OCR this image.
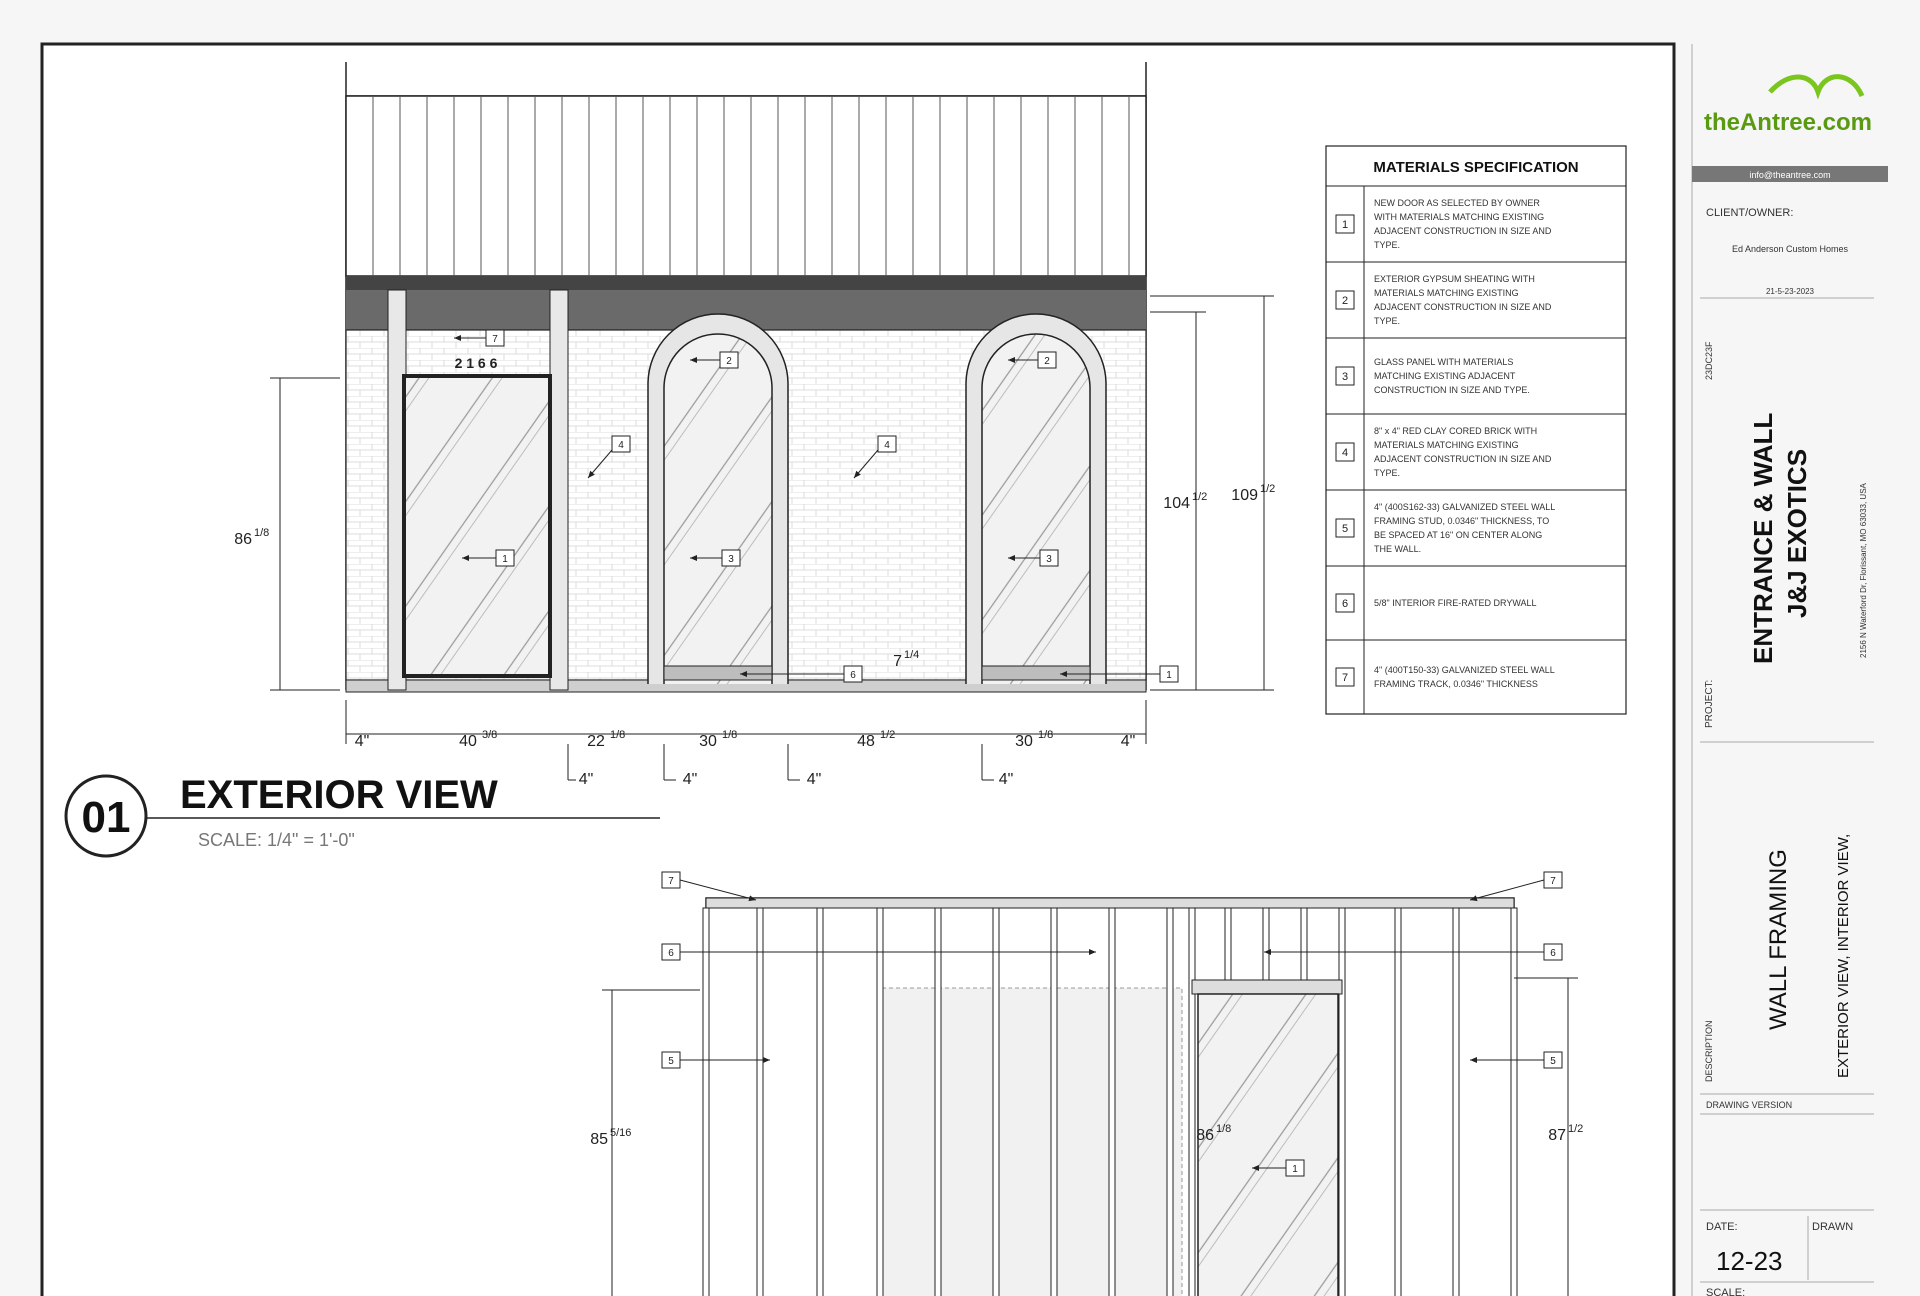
7
2	2
4	4
1	3	3
6	1
2 1 6 6
86 1/8
104 1/2 109 1/2
7 1/4
4"	40 3/8	22 1/8	30 1/8	48 1/2	30 1/8	4"
4"	4"	4"	4"
01 EXTERIOR VIEW
SCALE: 1/4" = 1'-0"
7	7
6	6
5	5
1
85 5/16	86 1/8	87 1/2
MATERIALS SPECIFICATION
1
NEW DOOR AS SELECTED BY OWNER
WITH MATERIALS MATCHING EXISTING
ADJACENT CONSTRUCTION IN SIZE AND
TYPE.
2
EXTERIOR GYPSUM SHEATING WITH
MATERIALS MATCHING EXISTING
ADJACENT CONSTRUCTION IN SIZE AND
TYPE.
3
GLASS PANEL WITH MATERIALS
MATCHING EXISTING ADJACENT
CONSTRUCTION IN SIZE AND TYPE.
4
8" x 4" RED CLAY CORED BRICK WITH
MATERIALS MATCHING EXISTING
ADJACENT CONSTRUCTION IN SIZE AND
TYPE.
5
4" (400S162-33) GALVANIZED STEEL WALL
FRAMING STUD, 0.0346" THICKNESS, TO
BE SPACED AT 16" ON CENTER ALONG
THE WALL.
6	5/8" INTERIOR FIRE-RATED DRYWALL
7
4" (400T150-33) GALVANIZED STEEL WALL
FRAMING TRACK, 0.0346" THICKNESS
theAntree.com
info@theantree.com
CLIENT/OWNER:
Ed Anderson Custom Homes
21-5-23-2023
23DC23F
PROJECT:
ENTRANCE & WALL J&J EXOTICS	2156 N Waterford Dr, Florissant, MO 63033, USA
DESCRIPTION
WALL FRAMING	EXTERIOR VIEW, INTERIOR VIEW,
DRAWING VERSION
DATE:	DRAWN
12-23
SCALE:
